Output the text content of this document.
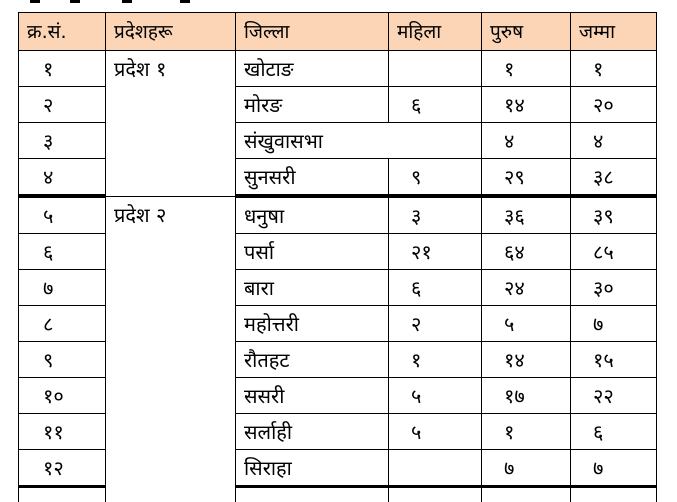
क्र.सं.	प्रदेशहरू	जिल्ला	महिला	पुरुष	जम्मा
१	प्रदेश १	खोटाङ		१	१
२		मोरङ	६	१४	२०
३		संखुवासभा		४	४
४		सुनसरी	९	२९	३८
५	प्रदेश २	धनुषा	३	३६	३९
६		पर्सा	२१	६४	८५
७		बारा	६	२४	३०
८		महोत्तरी	२	५	७
९		रौतहट	१	१४	१५
१०		ससरी	५	१७	२२
११		सर्लाही	५	१	६
१२		सिराहा		७	७
